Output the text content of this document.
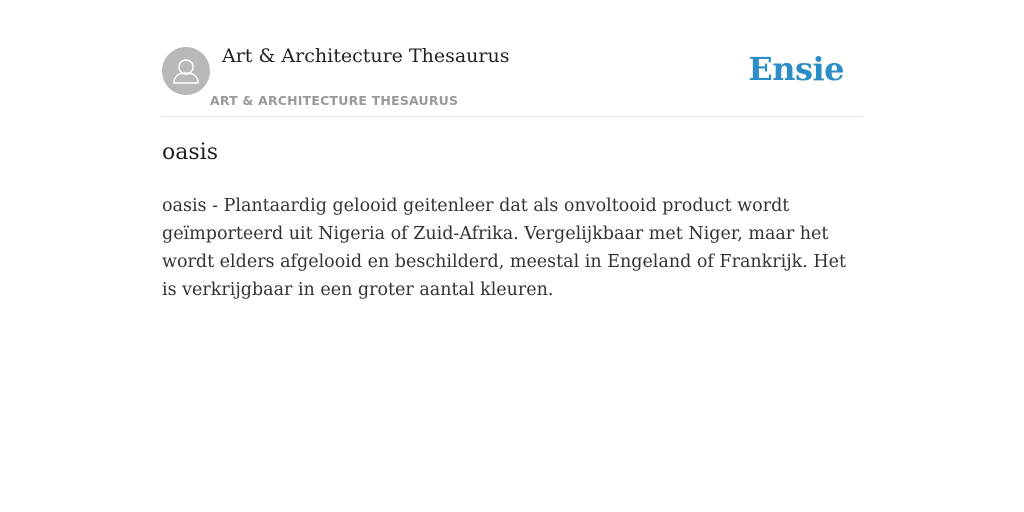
Art & Architecture Thesaurus
ART & ARCHITECTURE THESAURUS
Ensie
oasis

oasis - Plantaardig gelooid geitenleer dat als onvoltooid product wordt geïmporteerd uit Nigeria of Zuid-Afrika. Vergelijkbaar met Niger, maar het wordt elders afgelooid en beschilderd, meestal in Engeland of Frankrijk. Het is verkrijgbaar in een groter aantal kleuren.
